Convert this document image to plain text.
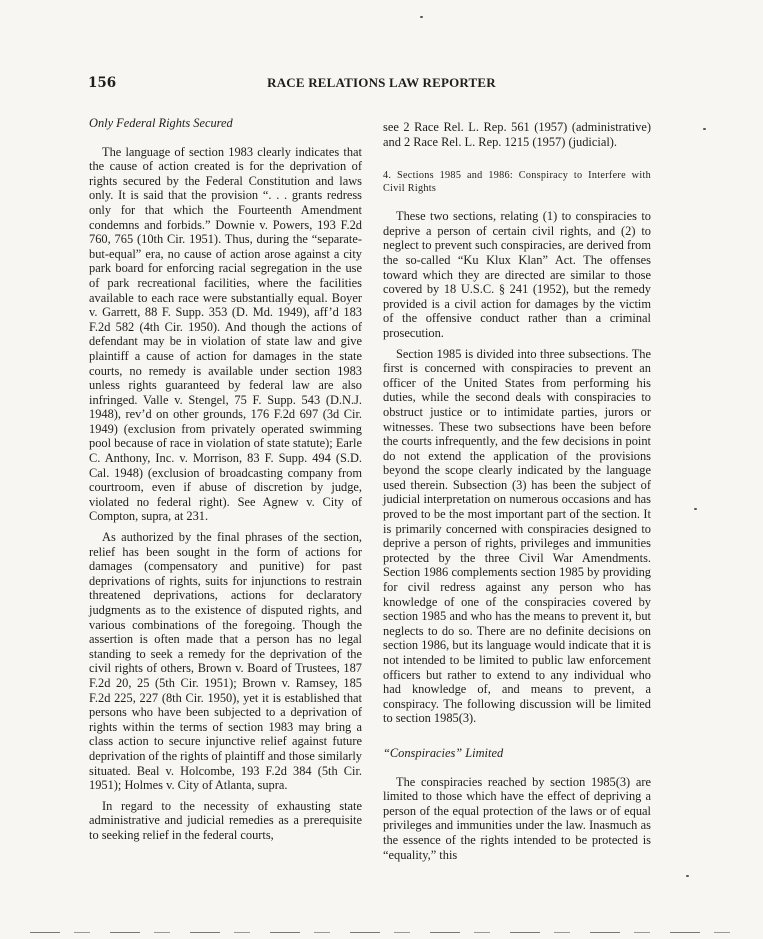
156	RACE RELATIONS LAW REPORTER
Only Federal Rights Secured

The language of section 1983 clearly indicates that the cause of action created is for the deprivation of rights secured by the Federal Constitution and laws only. It is said that the provision “. . . grants redress only for that which the Fourteenth Amendment condemns and forbids.” Downie v. Powers, 193 F.2d 760, 765 (10th Cir. 1951). Thus, during the “separate-but-equal” era, no cause of action arose against a city park board for enforcing racial segregation in the use of park recreational facilities, where the facilities available to each race were substantially equal. Boyer v. Garrett, 88 F. Supp. 353 (D. Md. 1949), aff’d 183 F.2d 582 (4th Cir. 1950). And though the actions of defendant may be in violation of state law and give plaintiff a cause of action for damages in the state courts, no remedy is available under section 1983 unless rights guaranteed by federal law are also infringed. Valle v. Stengel, 75 F. Supp. 543 (D.N.J. 1948), rev’d on other grounds, 176 F.2d 697 (3d Cir. 1949) (exclusion from privately operated swimming pool because of race in violation of state statute); Earle C. Anthony, Inc. v. Morrison, 83 F. Supp. 494 (S.D. Cal. 1948) (exclusion of broadcasting company from courtroom, even if abuse of discretion by judge, violated no federal right). See Agnew v. City of Compton, supra, at 231.

As authorized by the final phrases of the section, relief has been sought in the form of actions for damages (compensatory and punitive) for past deprivations of rights, suits for injunctions to restrain threatened deprivations, actions for declaratory judgments as to the existence of disputed rights, and various combinations of the foregoing. Though the assertion is often made that a person has no legal standing to seek a remedy for the deprivation of the civil rights of others, Brown v. Board of Trustees, 187 F.2d 20, 25 (5th Cir. 1951); Brown v. Ramsey, 185 F.2d 225, 227 (8th Cir. 1950), yet it is established that persons who have been subjected to a deprivation of rights within the terms of section 1983 may bring a class action to secure injunctive relief against future deprivation of the rights of plaintiff and those similarly situated. Beal v. Holcombe, 193 F.2d 384 (5th Cir. 1951); Holmes v. City of Atlanta, supra.

In regard to the necessity of exhausting state administrative and judicial remedies as a prerequisite to seeking relief in the federal courts,

see 2 Race Rel. L. Rep. 561 (1957) (administrative) and 2 Race Rel. L. Rep. 1215 (1957) (judicial).

4. Sections 1985 and 1986: Conspiracy to Interfere with Civil Rights

These two sections, relating (1) to conspiracies to deprive a person of certain civil rights, and (2) to neglect to prevent such conspiracies, are derived from the so-called “Ku Klux Klan” Act. The offenses toward which they are directed are similar to those covered by 18 U.S.C. § 241 (1952), but the remedy provided is a civil action for damages by the victim of the offensive conduct rather than a criminal prosecution.

Section 1985 is divided into three subsections. The first is concerned with conspiracies to prevent an officer of the United States from performing his duties, while the second deals with conspiracies to obstruct justice or to intimidate parties, jurors or witnesses. These two subsections have been before the courts infrequently, and the few decisions in point do not extend the application of the provisions beyond the scope clearly indicated by the language used therein. Subsection (3) has been the subject of judicial interpretation on numerous occasions and has proved to be the most important part of the section. It is primarily concerned with conspiracies designed to deprive a person of rights, privileges and immunities protected by the three Civil War Amendments. Section 1986 complements section 1985 by providing for civil redress against any person who has knowledge of one of the conspiracies covered by section 1985 and who has the means to prevent it, but neglects to do so. There are no definite decisions on section 1986, but its language would indicate that it is not intended to be limited to public law enforcement officers but rather to extend to any individual who had knowledge of, and means to prevent, a conspiracy. The following discussion will be limited to section 1985(3).

“Conspiracies” Limited

The conspiracies reached by section 1985(3) are limited to those which have the effect of depriving a person of the equal protection of the laws or of equal privileges and immunities under the law. Inasmuch as the essence of the rights intended to be protected is “equality,” this
